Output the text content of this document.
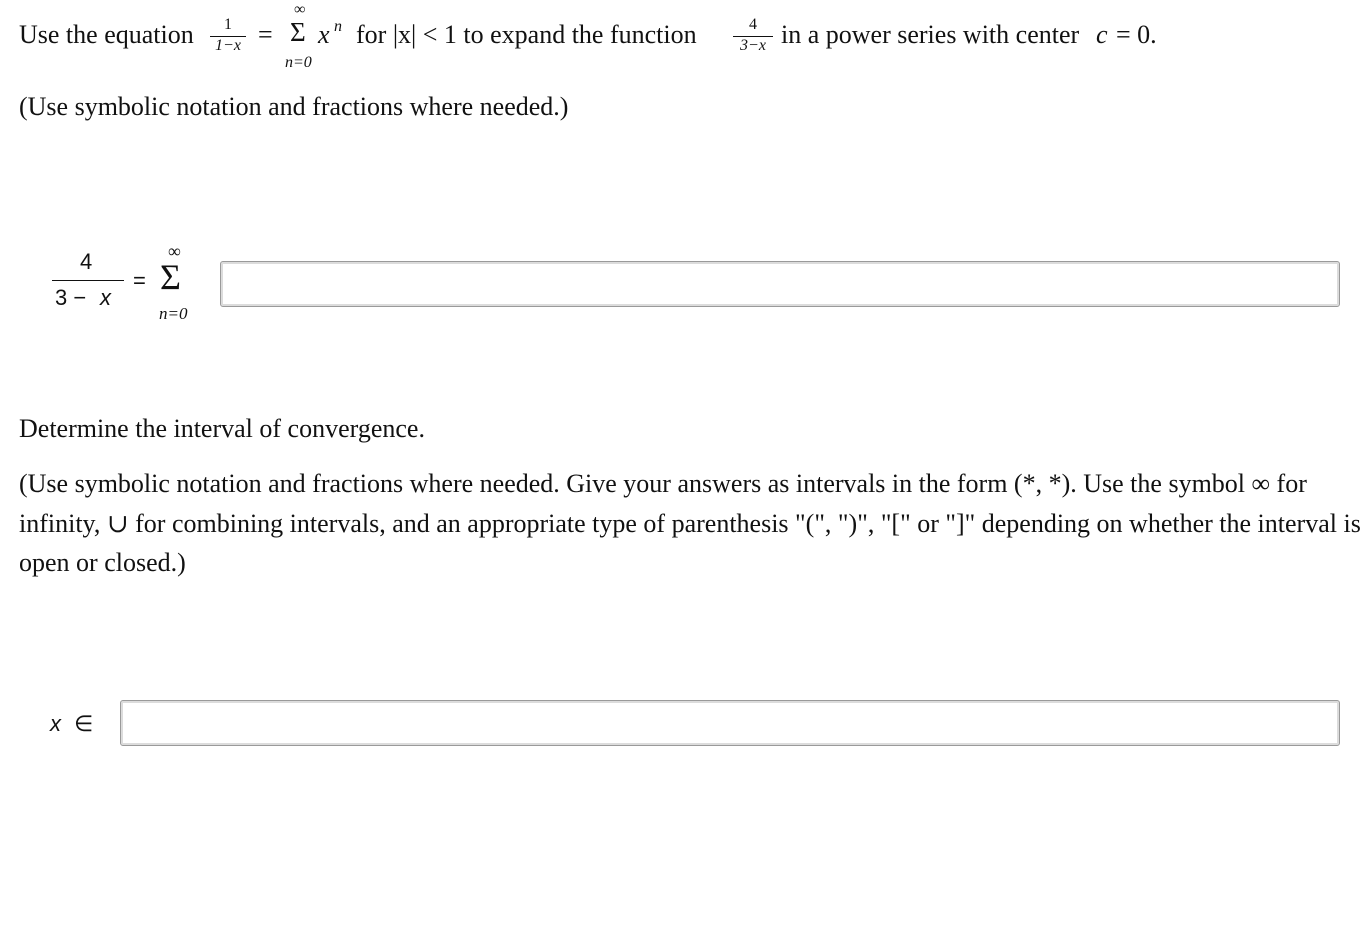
Use the equation	1
1−x =
∞
Σ
n=0
x n for |x| < 1 to expand the function	4
3−x in a power series with center c = 0.
(Use symbolic notation and fractions where needed.)
4
3 − x
=
∞
Σ
n=0
Determine the interval of convergence.
(Use symbolic notation and fractions where needed. Give your answers as intervals in the form (*, *). Use the symbol ∞ for
infinity, ∪ for combining intervals, and an appropriate type of parenthesis "(", ")", "[" or "]" depending on whether the interval is
open or closed.)
x ∈
